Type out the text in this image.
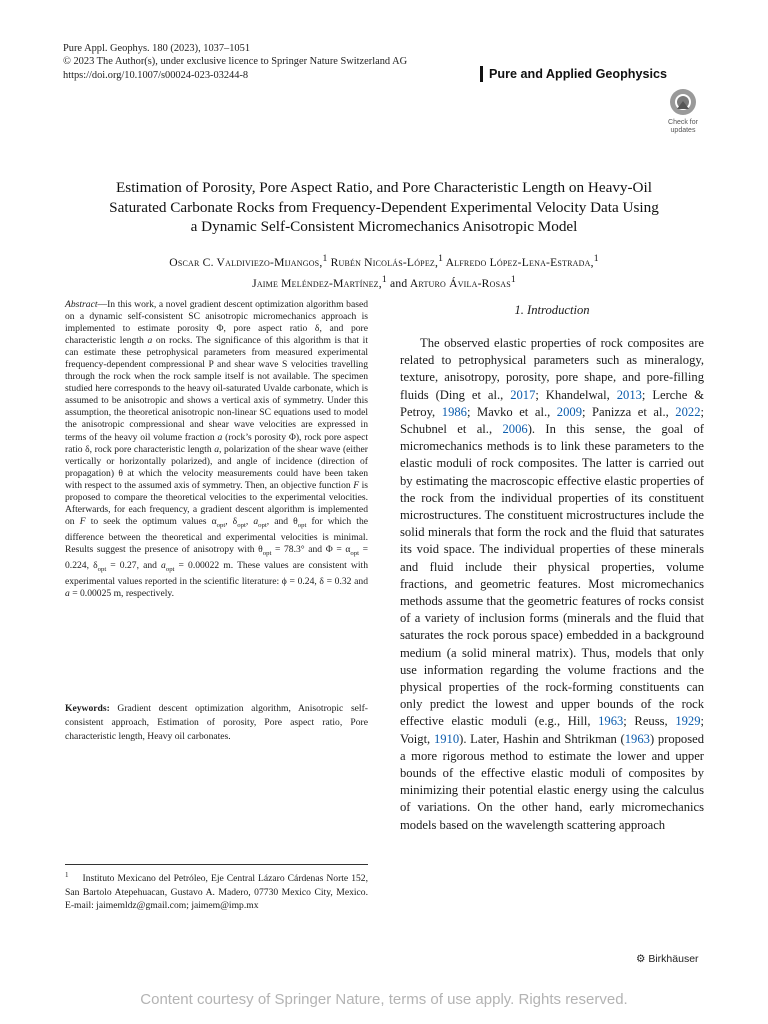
Pure Appl. Geophys. 180 (2023), 1037–1051
© 2023 The Author(s), under exclusive licence to Springer Nature Switzerland AG
https://doi.org/10.1007/s00024-023-03244-8	Pure and Applied Geophysics
Check for
updates
Estimation of Porosity, Pore Aspect Ratio, and Pore Characteristic Length on Heavy-Oil
Saturated Carbonate Rocks from Frequency-Dependent Experimental Velocity Data Using
a Dynamic Self-Consistent Micromechanics Anisotropic Model
Oscar C. Valdiviezo-Mijangos,$^1$ Rubén Nicolás-López,$^1$ Alfredo López-Lena-Estrada,$^1$
Jaime Meléndez-Martínez,$^1$ and Arturo Ávila-Rosas$^1$
Abstract—In this work, a novel gradient descent optimization algorithm based on a dynamic self-consistent SC anisotropic micromechanics approach is implemented to estimate porosity Φ, pore aspect ratio δ, and pore characteristic length a on rocks. The significance of this algorithm is that it can estimate these petrophysical parameters from measured experimental frequency-dependent compressional P and shear wave S velocities travelling through the rock when the rock sample itself is not available. The specimen studied here corresponds to the heavy oil-saturated Uvalde carbonate, which is assumed to be anisotropic and shows a vertical axis of symmetry. Under this assumption, the theoretical anisotropic non-linear SC equations used to model the anisotropic compressional and shear wave velocities are expressed in terms of the heavy oil volume fraction a (rock’s porosity Φ), rock pore aspect ratio δ, rock pore characteristic length a, polarization of the shear wave (either vertically or horizontally polarized), and angle of incidence (direction of propagation) θ at which the velocity measurements could have been taken with respect to the assumed axis of symmetry. Then, an objective function F is proposed to compare the theoretical velocities to the experimental velocities. Afterwards, for each frequency, a gradient descent algorithm is implemented on F to seek the optimum values $\alpha_{opt}$, $\delta_{opt}$, $a_{opt}$, and $\theta_{opt}$ for which the difference between the theoretical and experimental velocities is minimal. Results suggest the presence of anisotropy with $\theta_{opt} = 78.3^\circ$ and $\Phi = \alpha_{opt} = 0.224$, $\delta_{opt} = 0.27$, and $a_{opt} = 0.00022$ m. These values are consistent with experimental values reported in the scientific literature: ϕ = 0.24, δ = 0.32 and a = 0.00025 m, respectively.
Keywords: Gradient descent optimization algorithm, Anisotropic self-consistent approach, Estimation of porosity, Pore aspect ratio, Pore characteristic length, Heavy oil carbonates.
$^1$ Instituto Mexicano del Petróleo, Eje Central Lázaro Cárdenas Norte 152, San Bartolo Atepehuacan, Gustavo A. Madero, 07730 Mexico City, Mexico. E-mail: jaimemldz@gmail.com; jaimem@imp.mx
1. Introduction
The observed elastic properties of rock composites are related to petrophysical parameters such as mineralogy, texture, anisotropy, porosity, pore shape, and pore-filling fluids (Ding et al., 2017; Khandelwal, 2013; Lerche & Petroy, 1986; Mavko et al., 2009; Panizza et al., 2022; Schubnel et al., 2006). In this sense, the goal of micromechanics methods is to link these parameters to the elastic moduli of rock composites. The latter is carried out by estimating the macroscopic effective elastic properties of the rock from the individual properties of its constituent microstructures. The constituent microstructures include the solid minerals that form the rock and the fluid that saturates its void space. The individual properties of these minerals and fluid include their physical properties, volume fractions, and geometric features. Most micromechanics methods assume that the geometric features of rocks consist of a variety of inclusion forms (minerals and the fluid that saturates the rock porous space) embedded in a background medium (a solid mineral matrix). Thus, models that only use information regarding the volume fractions and the physical properties of the rock-forming constituents can only predict the lowest and upper bounds of the rock effective elastic moduli (e.g., Hill, 1963; Reuss, 1929; Voigt, 1910). Later, Hashin and Shtrikman (1963) proposed a more rigorous method to estimate the lower and upper bounds of the effective elastic moduli of composites by minimizing their potential elastic energy using the calculus of variations. On the other hand, early micromechanics models based on the wavelength scattering approach
⚙ Birkhäuser
Content courtesy of Springer Nature, terms of use apply. Rights reserved.
